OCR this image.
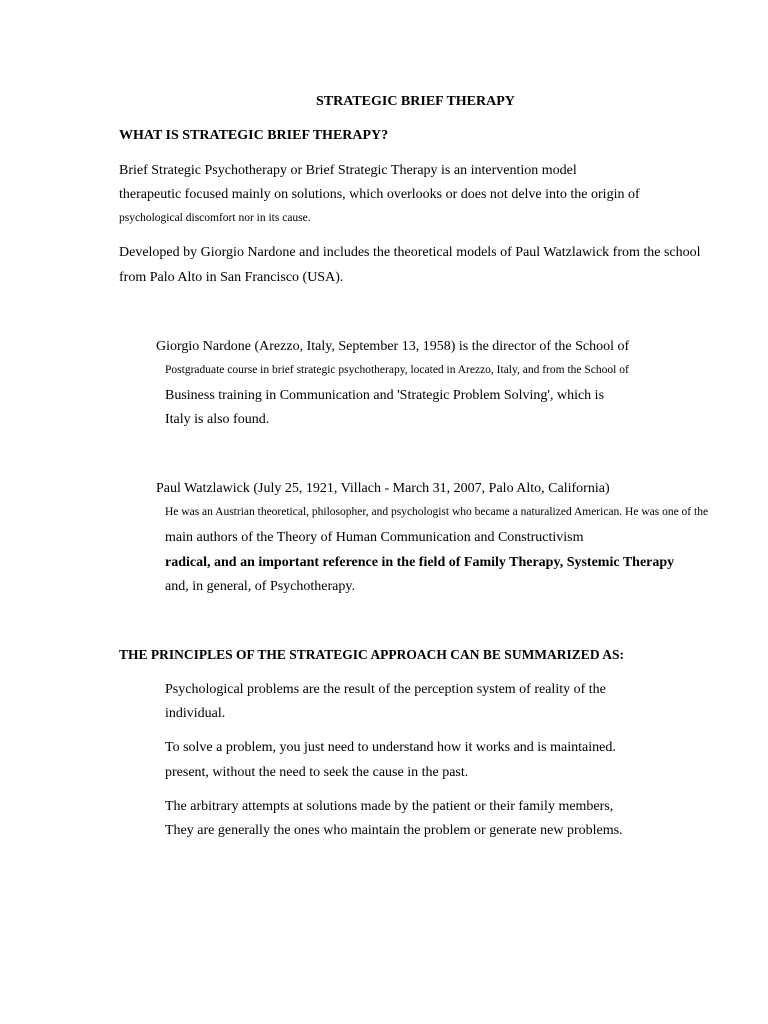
STRATEGIC BRIEF THERAPY
WHAT IS STRATEGIC BRIEF THERAPY?
Brief Strategic Psychotherapy or Brief Strategic Therapy is an intervention model
therapeutic focused mainly on solutions, which overlooks or does not delve into the origin of
psychological discomfort nor in its cause.
Developed by Giorgio Nardone and includes the theoretical models of Paul Watzlawick from the school
from Palo Alto in San Francisco (USA).
Giorgio Nardone (Arezzo, Italy, September 13, 1958) is the director of the School of
Postgraduate course in brief strategic psychotherapy, located in Arezzo, Italy, and from the School of
Business training in Communication and 'Strategic Problem Solving', which is
Italy is also found.
Paul Watzlawick (July 25, 1921, Villach - March 31, 2007, Palo Alto, California)
He was an Austrian theoretical, philosopher, and psychologist who became a naturalized American. He was one of the
main authors of the Theory of Human Communication and Constructivism
radical, and an important reference in the field of Family Therapy, Systemic Therapy
and, in general, of Psychotherapy.
THE PRINCIPLES OF THE STRATEGIC APPROACH CAN BE SUMMARIZED AS:
Psychological problems are the result of the perception system of reality of the
individual.
To solve a problem, you just need to understand how it works and is maintained.
present, without the need to seek the cause in the past.
The arbitrary attempts at solutions made by the patient or their family members,
They are generally the ones who maintain the problem or generate new problems.
